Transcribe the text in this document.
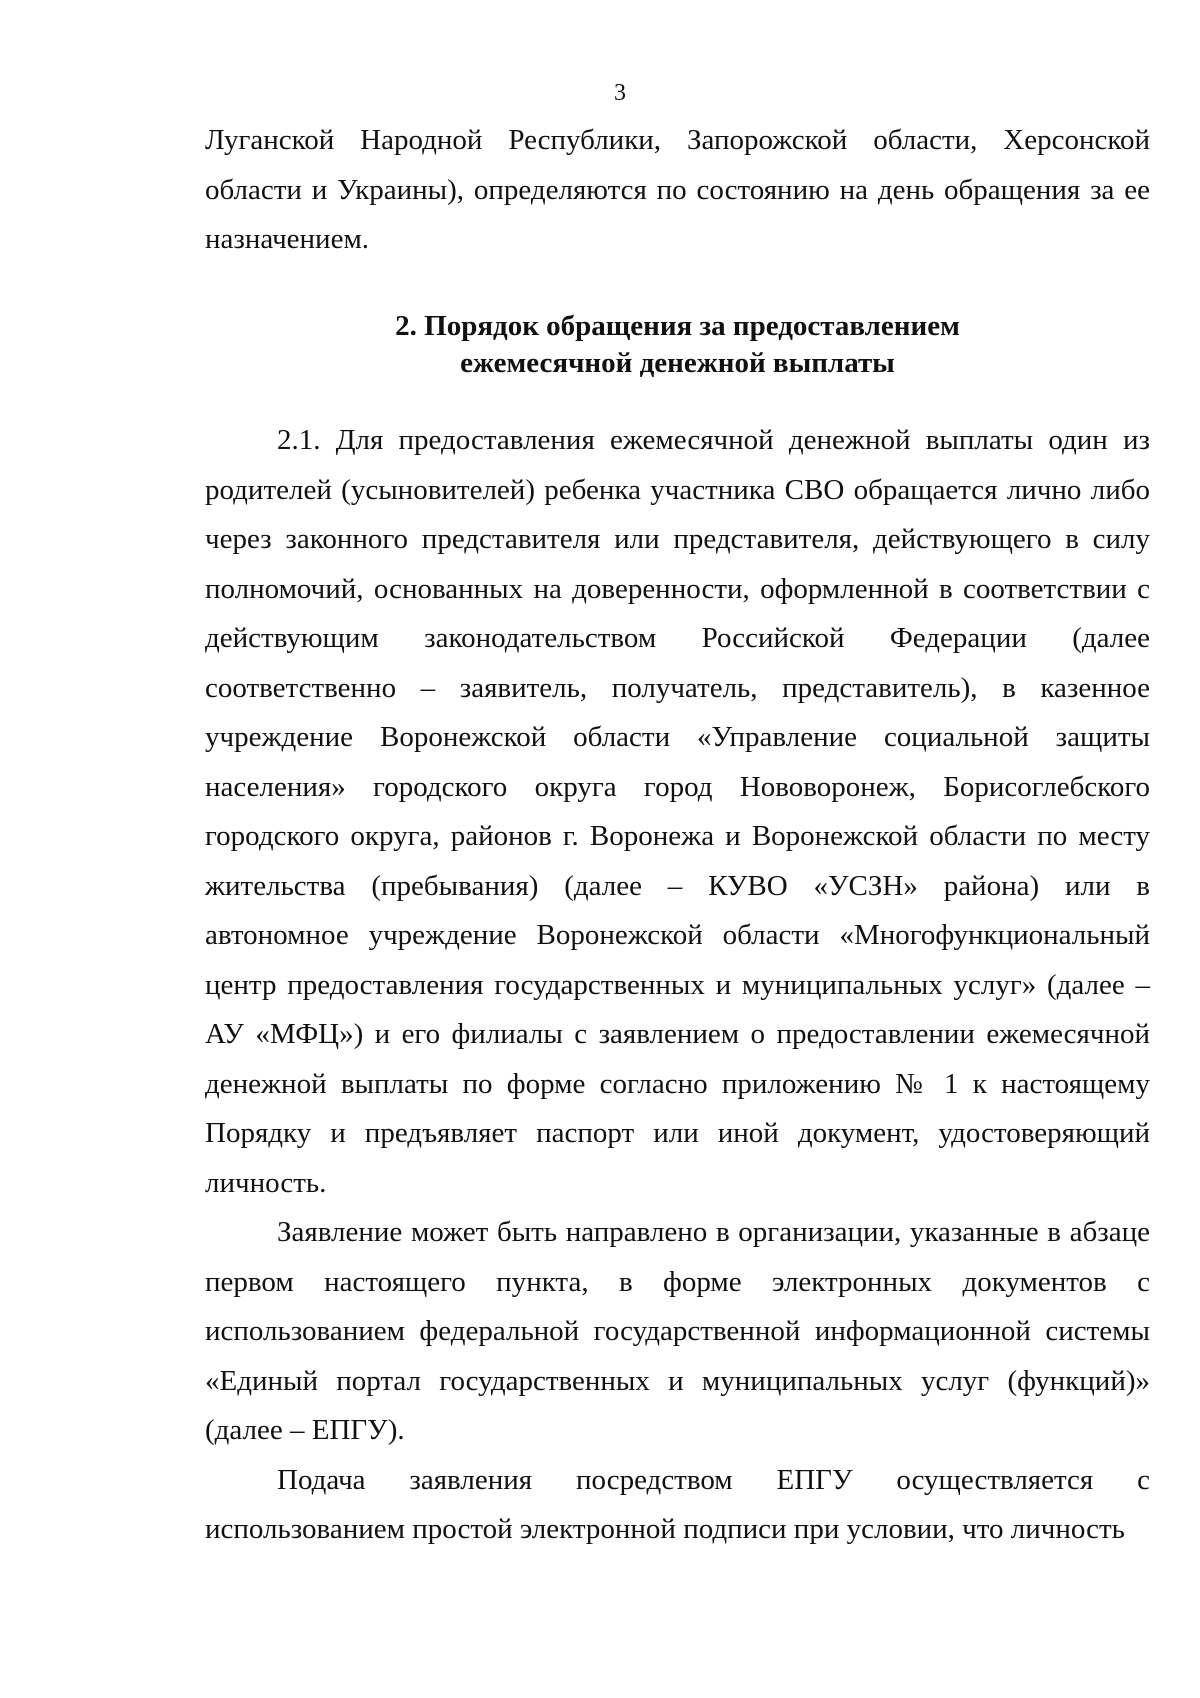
3

Луганской Народной Республики, Запорожской области, Херсонской области и Украины), определяются по состоянию на день обращения за ее назначением.

2. Порядок обращения за предоставлением
ежемесячной денежной выплаты

2.1. Для предоставления ежемесячной денежной выплаты один из родителей (усыновителей) ребенка участника СВО обращается лично либо через законного представителя или представителя, действующего в силу полномочий, основанных на доверенности, оформленной в соответствии с действующим законодательством Российской Федерации (далее соответственно – заявитель, получатель, представитель), в казенное учреждение Воронежской области «Управление социальной защиты населения» городского округа город Нововоронеж, Борисоглебского городского округа, районов г. Воронежа и Воронежской области по месту жительства (пребывания) (далее – КУВО «УСЗН» района) или в автономное учреждение Воронежской области «Многофункциональный центр предоставления государственных и муниципальных услуг» (далее – АУ «МФЦ») и его филиалы с заявлением о предоставлении ежемесячной денежной выплаты по форме согласно приложению № 1 к настоящему Порядку и предъявляет паспорт или иной документ, удостоверяющий личность.

Заявление может быть направлено в организации, указанные в абзаце первом настоящего пункта, в форме электронных документов с использованием федеральной государственной информационной системы «Единый портал государственных и муниципальных услуг (функций)» (далее – ЕПГУ).

Подача заявления посредством ЕПГУ осуществляется с использованием простой электронной подписи при условии, что личность
